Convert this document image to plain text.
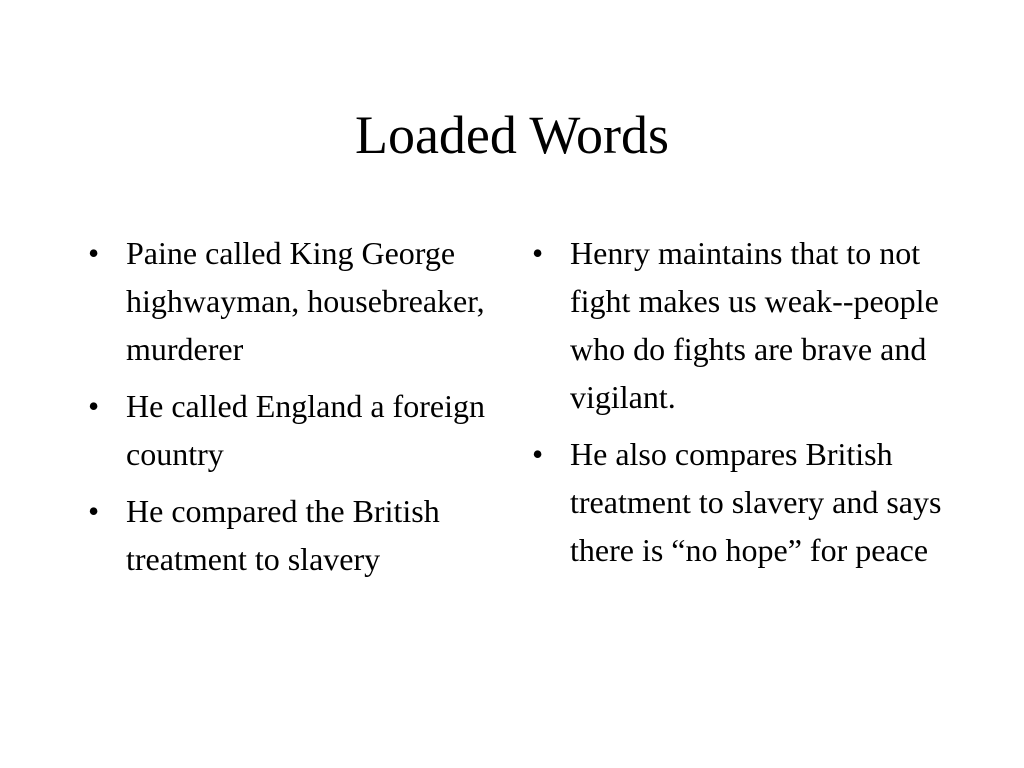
Loaded Words
• Paine called King George highwayman, housebreaker, murderer
• He called England a foreign country
• He compared the British treatment to slavery
• Henry maintains that to not fight makes us weak--people who do fights are brave and vigilant.
• He also compares British treatment to slavery and says there is “no hope” for peace
